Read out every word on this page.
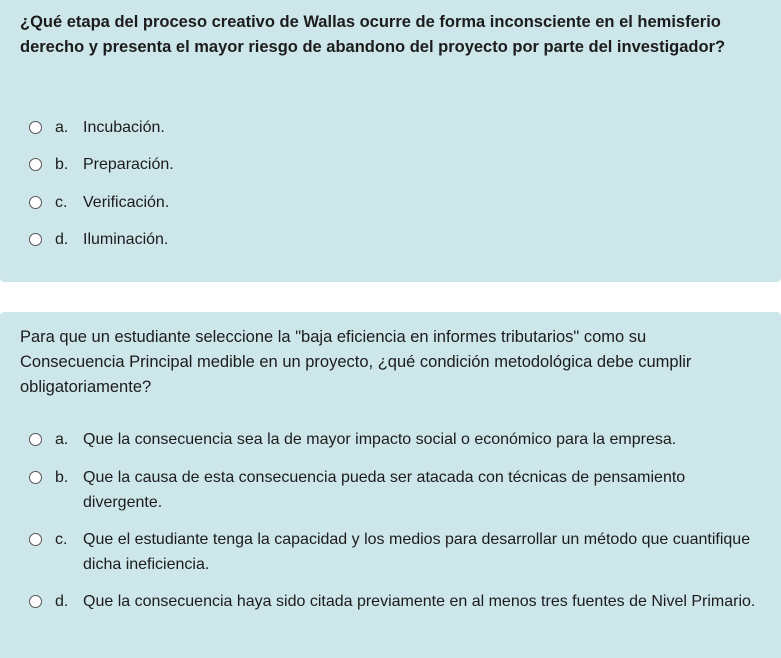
¿Qué etapa del proceso creativo de Wallas ocurre de forma inconsciente en el hemisferio derecho y presenta el mayor riesgo de abandono del proyecto por parte del investigador?

a. Incubación.
b. Preparación.
c. Verificación.
d. Iluminación.

Para que un estudiante seleccione la "baja eficiencia en informes tributarios" como su Consecuencia Principal medible en un proyecto, ¿qué condición metodológica debe cumplir obligatoriamente?

a. Que la consecuencia sea la de mayor impacto social o económico para la empresa.
b. Que la causa de esta consecuencia pueda ser atacada con técnicas de pensamiento divergente.
c. Que el estudiante tenga la capacidad y los medios para desarrollar un método que cuantifique dicha ineficiencia.
d. Que la consecuencia haya sido citada previamente en al menos tres fuentes de Nivel Primario.
